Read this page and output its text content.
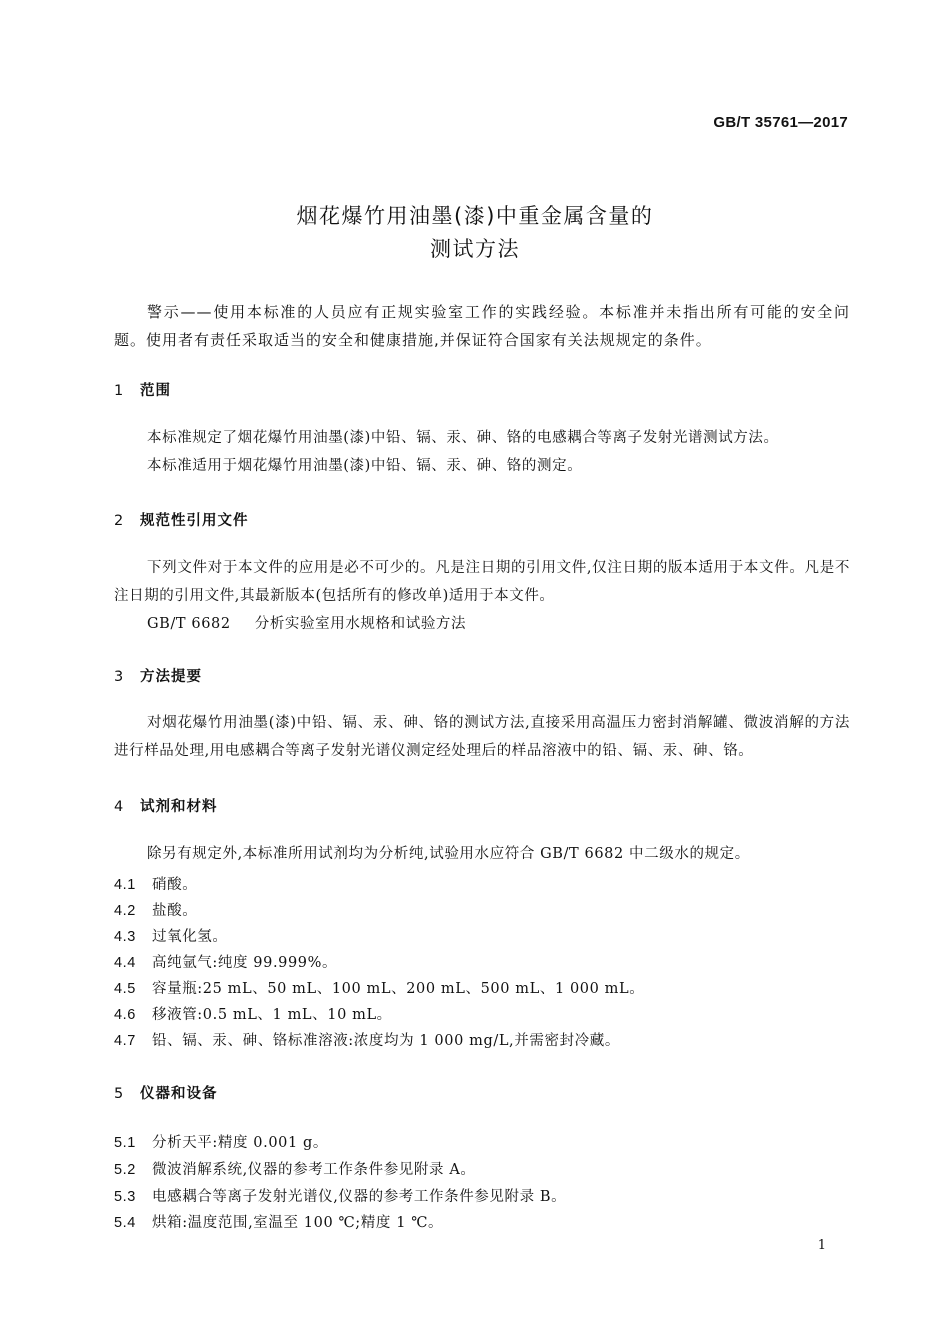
GB/T 35761—2017
烟花爆竹用油墨(漆)中重金属含量的
测试方法
警示——使用本标准的人员应有正规实验室工作的实践经验。本标准并未指出所有可能的安全问题。使用者有责任采取适当的安全和健康措施,并保证符合国家有关法规规定的条件。
1 范围

本标准规定了烟花爆竹用油墨(漆)中铅、镉、汞、砷、铬的电感耦合等离子发射光谱测试方法。

本标准适用于烟花爆竹用油墨(漆)中铅、镉、汞、砷、铬的测定。

2 规范性引用文件

下列文件对于本文件的应用是必不可少的。凡是注日期的引用文件,仅注日期的版本适用于本文件。凡是不注日期的引用文件,其最新版本(包括所有的修改单)适用于本文件。

GB/T 6682 分析实验室用水规格和试验方法

3 方法提要

对烟花爆竹用油墨(漆)中铅、镉、汞、砷、铬的测试方法,直接采用高温压力密封消解罐、微波消解的方法进行样品处理,用电感耦合等离子发射光谱仪测定经处理后的样品溶液中的铅、镉、汞、砷、铬。

4 试剂和材料

除另有规定外,本标准所用试剂均为分析纯,试验用水应符合 GB/T 6682 中二级水的规定。

4.1 硝酸。
4.2 盐酸。
4.3 过氧化氢。
4.4 高纯氩气:纯度 99.999%。
4.5 容量瓶:25 mL、50 mL、100 mL、200 mL、500 mL、1 000 mL。
4.6 移液管:0.5 mL、1 mL、10 mL。
4.7 铅、镉、汞、砷、铬标准溶液:浓度均为 1 000 mg/L,并需密封冷藏。
5 仪器和设备
5.1 分析天平:精度 0.001 g。
5.2 微波消解系统,仪器的参考工作条件参见附录 A。
5.3 电感耦合等离子发射光谱仪,仪器的参考工作条件参见附录 B。
5.4 烘箱:温度范围,室温至 100 ℃;精度 1 ℃。
1
